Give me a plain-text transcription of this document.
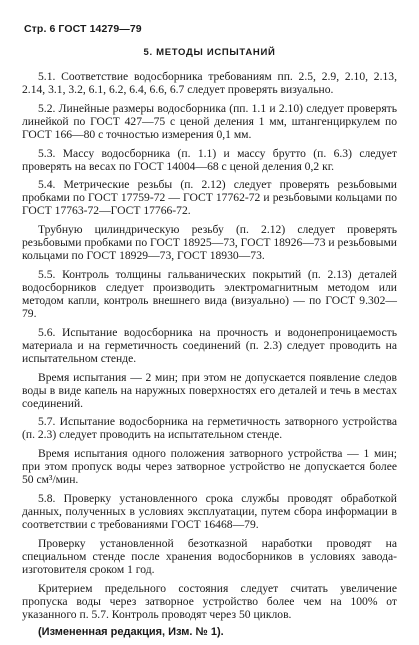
Стр. 6 ГОСТ 14279—79
5. МЕТОДЫ ИСПЫТАНИЙ

5.1. Соответствие водосборника требованиям пп. 2.5, 2.9, 2.10, 2.13, 2.14, 3.1, 3.2, 6.1, 6.2, 6.4, 6.6, 6.7 следует проверять визуально.

5.2. Линейные размеры водосборника (пп. 1.1 и 2.10) следует проверять линейкой по ГОСТ 427—75 с ценой деления 1 мм, штангенциркулем по ГОСТ 166—80 с точностью измерения 0,1 мм.

5.3. Массу водосборника (п. 1.1) и массу брутто (п. 6.3) следует проверять на весах по ГОСТ 14004—68 с ценой деления 0,2 кг.

5.4. Метрические резьбы (п. 2.12) следует проверять резьбовыми пробками по ГОСТ 17759-72 — ГОСТ 17762-72 и резьбовыми кольцами по ГОСТ 17763-72—ГОСТ 17766-72.

Трубную цилиндрическую резьбу (п. 2.12) следует проверять резьбовыми пробками по ГОСТ 18925—73, ГОСТ 18926—73 и резьбовыми кольцами по ГОСТ 18929—73, ГОСТ 18930—73.

5.5. Контроль толщины гальванических покрытий (п. 2.13) деталей водосборников следует производить электромагнитным методом или методом капли, контроль внешнего вида (визуально) — по ГОСТ 9.302—79.

5.6. Испытание водосборника на прочность и водонепроницаемость материала и на герметичность соединений (п. 2.3) следует проводить на испытательном стенде.

Время испытания — 2 мин; при этом не допускается появление следов воды в виде капель на наружных поверхностях его деталей и течь в местах соединений.

5.7. Испытание водосборника на герметичность затворного устройства (п. 2.3) следует проводить на испытательном стенде.

Время испытания одного положения затворного устройства — 1 мин; при этом пропуск воды через затворное устройство не допускается более 50 см³/мин.

5.8. Проверку установленного срока службы проводят обработкой данных, полученных в условиях эксплуатации, путем сбора информации в соответствии с требованиями ГОСТ 16468—79.

Проверку установленной безотказной наработки проводят на специальном стенде после хранения водосборников в условиях завода-изготовителя сроком 1 год.

Критерием предельного состояния следует считать увеличение пропуска воды через затворное устройство более чем на 100% от указанного п. 5.7. Контроль проводят через 50 циклов.

(Измененная редакция, Изм. № 1).
